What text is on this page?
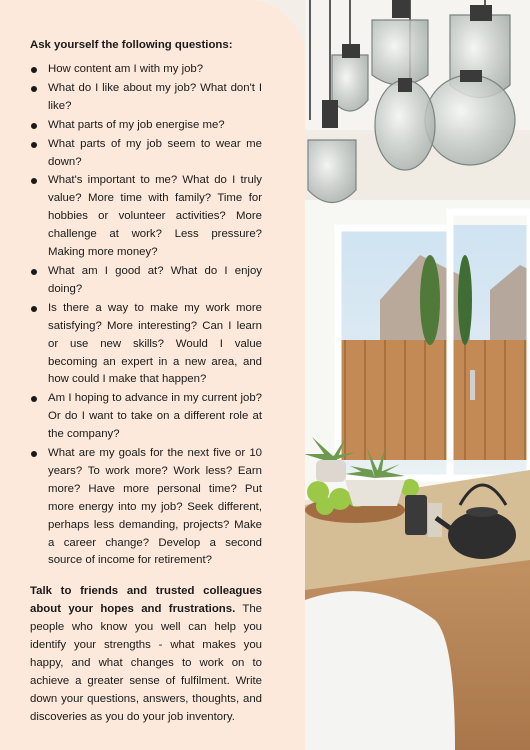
Ask yourself the following questions:

How content am I with my job?
What do I like about my job? What don't I like?
What parts of my job energise me?
What parts of my job seem to wear me down?
What's important to me? What do I truly value? More time with family? Time for hobbies or volunteer activities? More challenge at work? Less pressure? Making more money?
What am I good at? What do I enjoy doing?
Is there a way to make my work more satisfying? More interesting? Can I learn or use new skills? Would I value becoming an expert in a new area, and how could I make that happen?
Am I hoping to advance in my current job? Or do I want to take on a different role at the company?
What are my goals for the next five or 10 years? To work more? Work less? Earn more? Have more personal time? Put more energy into my job? Seek different, perhaps less demanding, projects? Make a career change? Develop a second source of income for retirement?

Talk to friends and trusted colleagues about your hopes and frustrations. The people who know you well can help you identify your strengths - what makes you happy, and what changes to work on to achieve a greater sense of fulfilment. Write down your questions, answers, thoughts, and discoveries as you do your job inventory.
